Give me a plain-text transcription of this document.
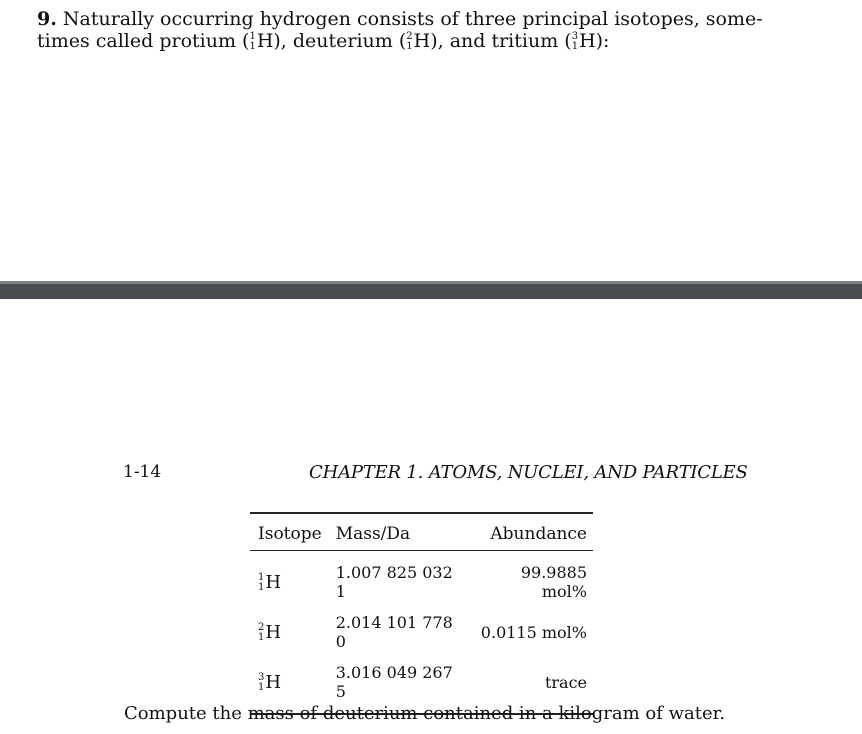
9. Naturally occurring hydrogen consists of three principal isotopes, some-
times called protium ( 1
1 H), deuterium ( 2
1 H), and tritium ( 3
1 H):
1-14	CHAPTER 1. ATOMS, NUCLEI, AND PARTICLES

Isotope	Mass/Da	Abundance

1
1 H	1.007 825 032 1	99.9885 mol%

2
1 H	2.014 101 778 0	0.0115 mol%

3
1 H	3.016 049 267 5	trace
Compute the mass of deuterium contained in a kilogram of water.
